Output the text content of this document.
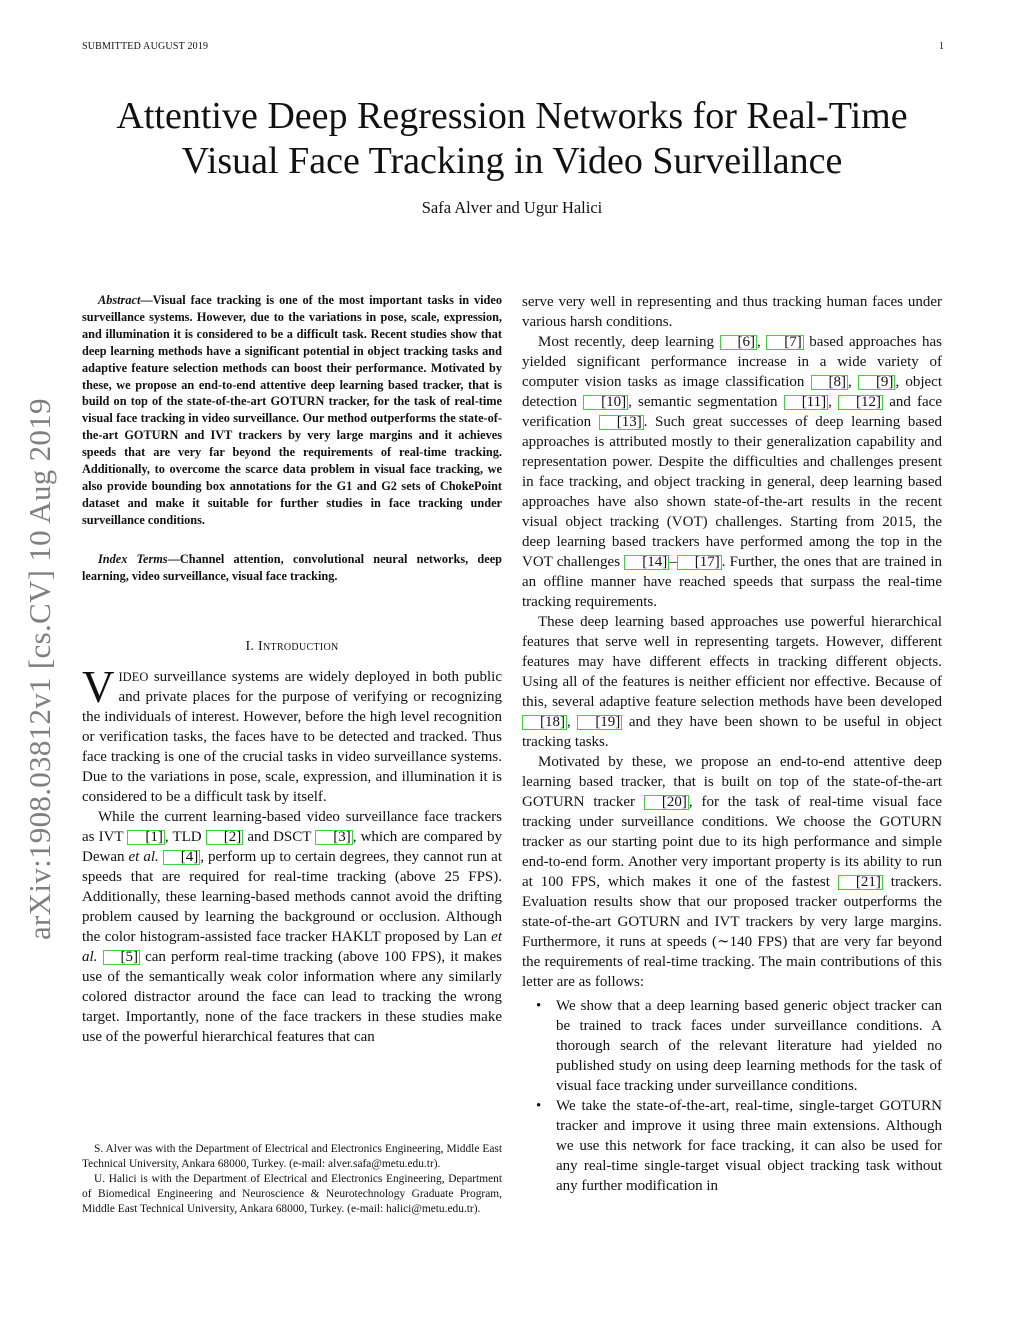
SUBMITTED AUGUST 2019	1
Attentive Deep Regression Networks for Real-Time
Visual Face Tracking in Video Surveillance
Safa Alver and Ugur Halici
arXiv:1908.03812v1 [cs.CV] 10 Aug 2019

Abstract—Visual face tracking is one of the most important tasks in video surveillance systems. However, due to the variations in pose, scale, expression, and illumination it is considered to be a difficult task. Recent studies show that deep learning methods have a significant potential in object tracking tasks and adaptive feature selection methods can boost their performance. Motivated by these, we propose an end-to-end attentive deep learning based tracker, that is build on top of the state-of-the-art GOTURN tracker, for the task of real-time visual face tracking in video surveillance. Our method outperforms the state-of-the-art GOTURN and IVT trackers by very large margins and it achieves speeds that are very far beyond the requirements of real-time tracking. Additionally, to overcome the scarce data problem in visual face tracking, we also provide bounding box annotations for the G1 and G2 sets of ChokePoint dataset and make it suitable for further studies in face tracking under surveillance conditions.

Index Terms—Channel attention, convolutional neural networks, deep learning, video surveillance, visual face tracking.

I. Introduction

VIDEO surveillance systems are widely deployed in both public and private places for the purpose of verifying or recognizing the individuals of interest. However, before the high level recognition or verification tasks, the faces have to be detected and tracked. Thus face tracking is one of the crucial tasks in video surveillance systems. Due to the variations in pose, scale, expression, and illumination it is considered to be a difficult task by itself.

While the current learning-based video surveillance face trackers as IVT [1] , TLD [2] and DSCT [3] , which are compared by Dewan et al. [4] , perform up to certain degrees, they cannot run at speeds that are required for real-time tracking (above 25 FPS). Additionally, these learning-based methods cannot avoid the drifting problem caused by learning the background or occlusion. Although the color histogram-assisted face tracker HAKLT proposed by Lan et al. [5] can perform real-time tracking (above 100 FPS), it makes use of the semantically weak color information where any similarly colored distractor around the face can lead to tracking the wrong target. Importantly, none of the face trackers in these studies make use of the powerful hierarchical features that can

S. Alver was with the Department of Electrical and Electronics Engineering, Middle East Technical University, Ankara 68000, Turkey. (e-mail: alver.safa@metu.edu.tr).

U. Halici is with the Department of Electrical and Electronics Engineering, Department of Biomedical Engineering and Neuroscience & Neurotechnology Graduate Program, Middle East Technical University, Ankara 68000, Turkey. (e-mail: halici@metu.edu.tr).

serve very well in representing and thus tracking human faces under various harsh conditions.

Most recently, deep learning [6] , [7] based approaches has yielded significant performance increase in a wide variety of computer vision tasks as image classification [8] , [9] , object detection [10] , semantic segmentation [11] , [12] and face verification [13] . Such great successes of deep learning based approaches is attributed mostly to their generalization capability and representation power. Despite the difficulties and challenges present in face tracking, and object tracking in general, deep learning based approaches have also shown state-of-the-art results in the recent visual object tracking (VOT) challenges. Starting from 2015, the deep learning based trackers have performed among the top in the VOT challenges [14] – [17] . Further, the ones that are trained in an offline manner have reached speeds that surpass the real-time tracking requirements.

These deep learning based approaches use powerful hierarchical features that serve well in representing targets. However, different features may have different effects in tracking different objects. Using all of the features is neither efficient nor effective. Because of this, several adaptive feature selection methods have been developed [18] , [19] and they have been shown to be useful in object tracking tasks.

Motivated by these, we propose an end-to-end attentive deep learning based tracker, that is built on top of the state-of-the-art GOTURN tracker [20] , for the task of real-time visual face tracking under surveillance conditions. We choose the GOTURN tracker as our starting point due to its high performance and simple end-to-end form. Another very important property is its ability to run at 100 FPS, which makes it one of the fastest [21] trackers. Evaluation results show that our proposed tracker outperforms the state-of-the-art GOTURN and IVT trackers by very large margins. Furthermore, it runs at speeds (∼140 FPS) that are very far beyond the requirements of real-time tracking. The main contributions of this letter are as follows:

• We show that a deep learning based generic object tracker can be trained to track faces under surveillance conditions. A thorough search of the relevant literature had yielded no published study on using deep learning methods for the task of visual face tracking under surveillance conditions.
• We take the state-of-the-art, real-time, single-target GOTURN tracker and improve it using three main extensions. Although we use this network for face tracking, it can also be used for any real-time single-target visual object tracking task without any further modification in
